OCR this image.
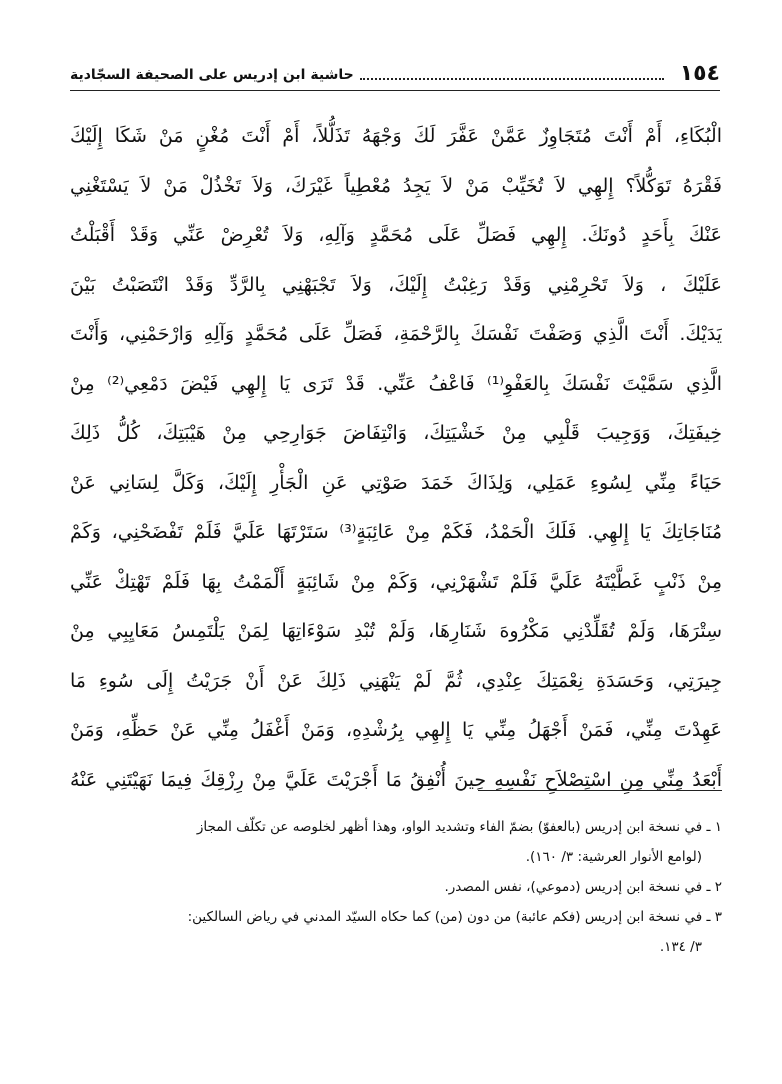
١٥٤
حاشية ابن إدريس على الصحيفة السجّادية
الْبُكَاءِ، أَمْ أَنْتَ مُتَجَاوِزٌ عَمَّنْ عَفَّرَ لَكَ وَجْهَهُ تَذَلُّلاً، أَمْ أَنْتَ مُغْنٍ مَنْ شَكَا إِلَيْكَ
فَقْرَهُ تَوَكُّلاً؟ إِلهِي لاَ تُخَيِّبْ مَنْ لاَ يَجِدُ مُعْطِياً غَيْرَكَ، وَلاَ تَخْذُلْ مَنْ لاَ يَسْتَغْنِي
عَنْكَ بِأَحَدٍ دُونَكَ. إِلهِي فَصَلِّ عَلَى مُحَمَّدٍ وَآلِهِ، وَلاَ تُعْرِضْ عَنِّي وَقَدْ أَقْبَلْتُ
عَلَيْكَ ، وَلاَ تَحْرِمْنِي وَقَدْ رَغِبْتُ إِلَيْكَ، وَلاَ تَجْبَهْنِي بِالرَّدِّ وَقَدْ انْتَصَبْتُ بَيْنَ
يَدَيْكَ. أَنْتَ الَّذِي وَصَفْتَ نَفْسَكَ بِالرَّحْمَةِ، فَصَلِّ عَلَى مُحَمَّدٍ وَآلِهِ وَارْحَمْنِي، وَأَنْتَ
الَّذِي سَمَّيْتَ نَفْسَكَ بِالعَفْوِ⁽¹⁾ فَاعْفُ عَنِّي. قَدْ تَرَى يَا إِلهِي فَيْضَ دَمْعِي⁽²⁾ مِنْ
خِيفَتِكَ، وَوَجِيبَ قَلْبِي مِنْ خَشْيَتِكَ، وَانْتِفَاضَ جَوَارِحِي مِنْ هَيْبَتِكَ، كُلُّ ذَلِكَ
حَيَاءً مِنِّي لِسُوءِ عَمَلِي، وَلِذَاكَ خَمَدَ صَوْتِي عَنِ الْجَأْرِ إِلَيْكَ، وَكَلَّ لِسَانِي عَنْ
مُنَاجَاتِكَ يَا إِلهِي. فَلَكَ الْحَمْدُ، فَكَمْ مِنْ عَائِبَةٍ⁽³⁾ سَتَرْتَهَا عَلَيَّ فَلَمْ تَفْضَحْنِي، وَكَمْ
مِنْ ذَنْبٍ غَطَّيْتَهُ عَلَيَّ فَلَمْ تَشْهَرْنِي، وَكَمْ مِنْ شَائِبَةٍ أَلْمَمْتُ بِهَا فَلَمْ تَهْتِكْ عَنِّي
سِتْرَهَا، وَلَمْ تُقَلِّدْنِي مَكْرُوهَ شَنَارِهَا، وَلَمْ تُبْدِ سَوْءَاتِهَا لِمَنْ يَلْتَمِسُ مَعَايِبِي مِنْ
جِيرَتِي، وَحَسَدَةِ نِعْمَتِكَ عِنْدِي، ثُمَّ لَمْ يَنْهَنِي ذَلِكَ عَنْ أَنْ جَرَيْتُ إِلَى سُوءِ مَا
عَهِدْتَ مِنِّي، فَمَنْ أَجْهَلُ مِنِّي يَا إِلهِي بِرُشْدِهِ، وَمَنْ أَغْفَلُ مِنِّي عَنْ حَظِّهِ، وَمَنْ
أَبْعَدُ مِنِّي مِنِ اسْتِصْلاَحِ نَفْسِهِ حِينَ أُنْفِقُ مَا أَجْرَيْتَ عَلَيَّ مِنْ رِزْقِكَ فِيمَا نَهَيْتَنِي عَنْهُ
١ ـ في نسخة ابن إدريس (بالعفوّ) بضمّ الفاء وتشديد الواو، وهذا أظهر لخلوصه عن تكلّف المجاز
(لوامع الأنوار العرشية: ٣/ ١٦٠).
٢ ـ في نسخة ابن إدريس (دموعي)، نفس المصدر.
٣ ـ في نسخة ابن إدريس (فكم عائبة) من دون (من) كما حكاه السيّد المدني في رياض السالكين:
٣/ ١٣٤.
